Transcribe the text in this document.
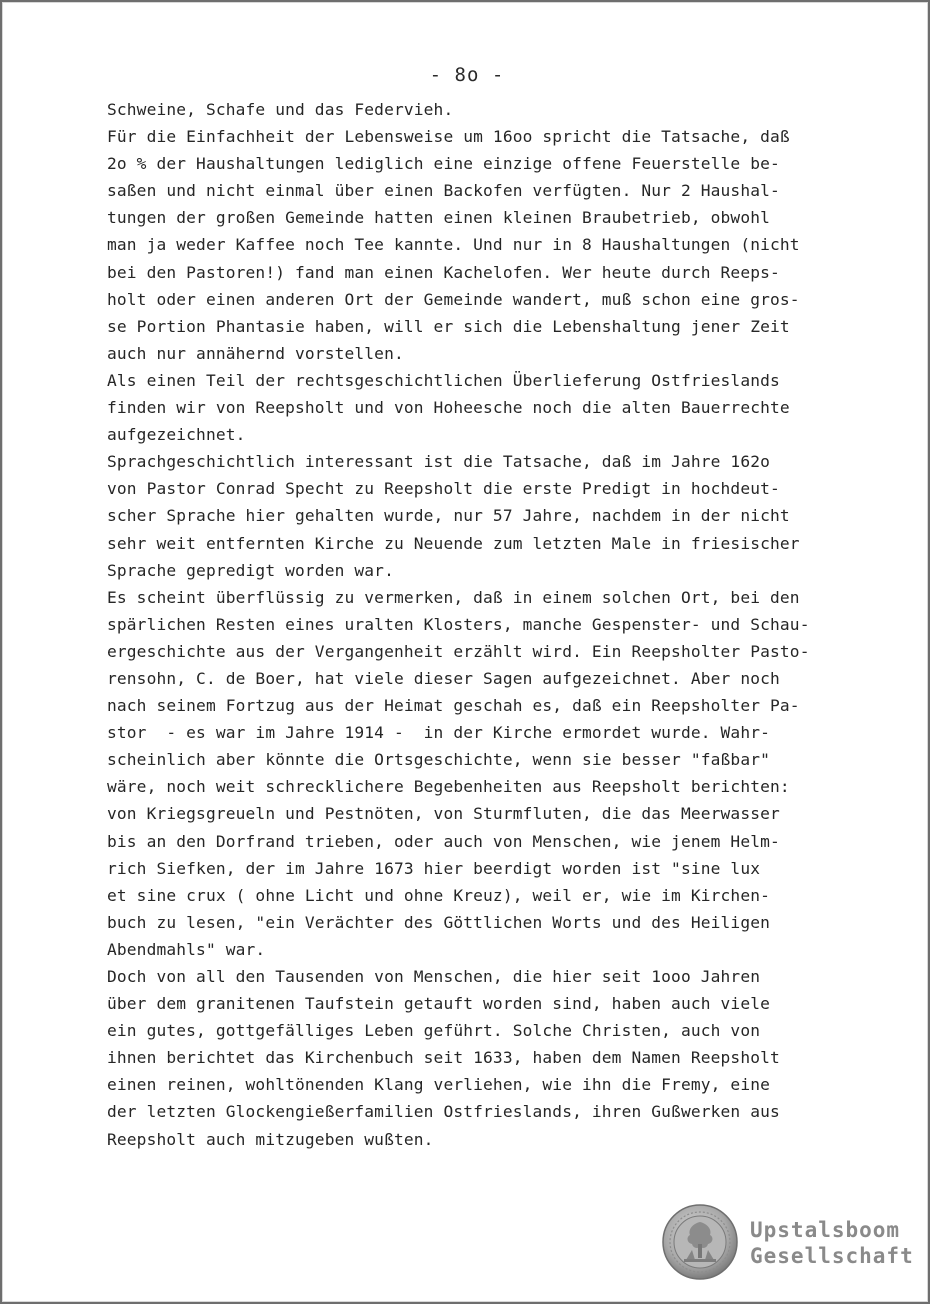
- 8o -
Schweine, Schafe und das Federvieh.
Für die Einfachheit der Lebensweise um 16oo spricht die Tatsache, daß
2o % der Haushaltungen lediglich eine einzige offene Feuerstelle be-
saßen und nicht einmal über einen Backofen verfügten. Nur 2 Haushal-
tungen der großen Gemeinde hatten einen kleinen Braubetrieb, obwohl
man ja weder Kaffee noch Tee kannte. Und nur in 8 Haushaltungen (nicht
bei den Pastoren!) fand man einen Kachelofen. Wer heute durch Reeps-
holt oder einen anderen Ort der Gemeinde wandert, muß schon eine gros-
se Portion Phantasie haben, will er sich die Lebenshaltung jener Zeit
auch nur annähernd vorstellen.
Als einen Teil der rechtsgeschichtlichen Überlieferung Ostfrieslands
finden wir von Reepsholt und von Hoheesche noch die alten Bauerrechte
aufgezeichnet.
Sprachgeschichtlich interessant ist die Tatsache, daß im Jahre 162o
von Pastor Conrad Specht zu Reepsholt die erste Predigt in hochdeut-
scher Sprache hier gehalten wurde, nur 57 Jahre, nachdem in der nicht
sehr weit entfernten Kirche zu Neuende zum letzten Male in friesischer
Sprache gepredigt worden war.
Es scheint überflüssig zu vermerken, daß in einem solchen Ort, bei den
spärlichen Resten eines uralten Klosters, manche Gespenster- und Schau-
ergeschichte aus der Vergangenheit erzählt wird. Ein Reepsholter Pasto-
rensohn, C. de Boer, hat viele dieser Sagen aufgezeichnet. Aber noch
nach seinem Fortzug aus der Heimat geschah es, daß ein Reepsholter Pa-
stor  - es war im Jahre 1914 -  in der Kirche ermordet wurde. Wahr-
scheinlich aber könnte die Ortsgeschichte, wenn sie besser "faßbar"
wäre, noch weit schrecklichere Begebenheiten aus Reepsholt berichten:
von Kriegsgreueln und Pestnöten, von Sturmfluten, die das Meerwasser
bis an den Dorfrand trieben, oder auch von Menschen, wie jenem Helm-
rich Siefken, der im Jahre 1673 hier beerdigt worden ist "sine lux
et sine crux ( ohne Licht und ohne Kreuz), weil er, wie im Kirchen-
buch zu lesen, "ein Verächter des Göttlichen Worts und des Heiligen
Abendmahls" war.
Doch von all den Tausenden von Menschen, die hier seit 1ooo Jahren
über dem granitenen Taufstein getauft worden sind, haben auch viele
ein gutes, gottgefälliges Leben geführt. Solche Christen, auch von
ihnen berichtet das Kirchenbuch seit 1633, haben dem Namen Reepsholt
einen reinen, wohltönenden Klang verliehen, wie ihn die Fremy, eine
der letzten Glockengießerfamilien Ostfrieslands, ihren Gußwerken aus
Reepsholt auch mitzugeben wußten.
Upstalsboom
Gesellschaft
